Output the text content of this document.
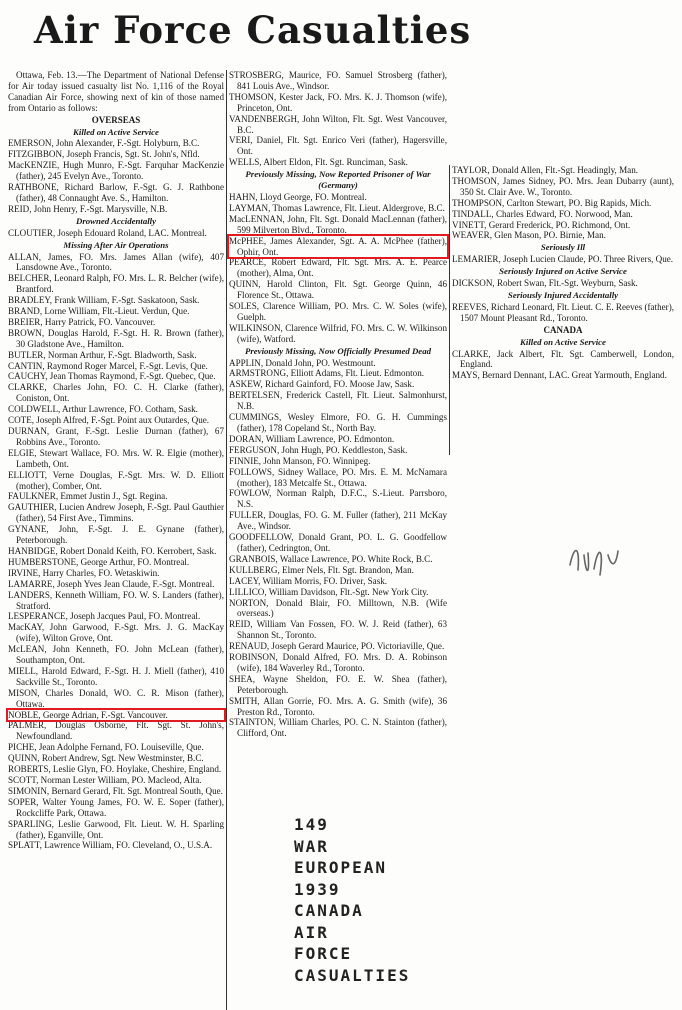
Air Force Casualties

Ottawa, Feb. 13.—The Department of National Defense for Air today issued casualty list No. 1,116 of the Royal Canadian Air Force, showing next of kin of those named from Ontario as follows:

OVERSEAS

Killed on Active Service

EMERSON, John Alexander, F.-Sgt. Holyburn, B.C.

FITZGIBBON, Joseph Francis, Sgt. St. John's, Nfld.

MacKENZIE, Hugh Munro, F.-Sgt. Farquhar MacKenzie (father), 245 Evelyn Ave., Toronto.

RATHBONE, Richard Barlow, F.-Sgt. G. J. Rathbone (father), 48 Connaught Ave. S., Hamilton.

REID, John Henry, F.-Sgt. Marysville, N.B.

Drowned Accidentally

CLOUTIER, Joseph Edouard Roland, LAC. Montreal.

Missing After Air Operations

ALLAN, James, FO. Mrs. James Allan (wife), 407 Lansdowne Ave., Toronto.

BELCHER, Leonard Ralph, FO. Mrs. L. R. Belcher (wife), Brantford.

BRADLEY, Frank William, F.-Sgt. Saskatoon, Sask.

BRAND, Lorne William, Flt.-Lieut. Verdun, Que.

BREIER, Harry Patrick, FO. Vancouver.

BROWN, Douglas Harold, F.-Sgt. H. R. Brown (father), 30 Gladstone Ave., Hamilton.

BUTLER, Norman Arthur, F.-Sgt. Bladworth, Sask.

CANTIN, Raymond Roger Marcel, F.-Sgt. Levis, Que.

CAUCHY, Jean Thomas Raymond, F.-Sgt. Quebec, Que.

CLARKE, Charles John, FO. C. H. Clarke (father), Coniston, Ont.

COLDWELL, Arthur Lawrence, FO. Cotham, Sask.

COTE, Joseph Alfred, F.-Sgt. Point aux Outardes, Que.

DURNAN, Grant, F.-Sgt. Leslie Durnan (father), 67 Robbins Ave., Toronto.

ELGIE, Stewart Wallace, FO. Mrs. W. R. Elgie (mother), Lambeth, Ont.

ELLIOTT, Verne Douglas, F.-Sgt. Mrs. W. D. Elliott (mother), Comber, Ont.

FAULKNER, Emmet Justin J., Sgt. Regina.

GAUTHIER, Lucien Andrew Joseph, F.-Sgt. Paul Gauthier (father), 54 First Ave., Timmins.

GYNANE, John, F.-Sgt. J. E. Gynane (father), Peterborough.

HANBIDGE, Robert Donald Keith, FO. Kerrobert, Sask.

HUMBERSTONE, George Arthur, FO. Montreal.

IRVINE, Harry Charles, FO. Wetaskiwin.

LAMARRE, Joseph Yves Jean Claude, F.-Sgt. Montreal.

LANDERS, Kenneth William, FO. W. S. Landers (father), Stratford.

LESPERANCE, Joseph Jacques Paul, FO. Montreal.

MacKAY, John Garwood, F.-Sgt. Mrs. J. G. MacKay (wife), Wilton Grove, Ont.

McLEAN, John Kenneth, FO. John McLean (father), Southampton, Ont.

MIELL, Harold Edward, F.-Sgt. H. J. Miell (father), 410 Sackville St., Toronto.

MISON, Charles Donald, WO. C. R. Mison (father), Ottawa.

NOBLE, George Adrian, F.-Sgt. Vancouver.

PALMER, Douglas Osborne, Flt. Sgt. St. John's, Newfoundland.

PICHE, Jean Adolphe Fernand, FO. Louiseville, Que.

QUINN, Robert Andrew, Sgt. New Westminster, B.C.

ROBERTS, Leslie Glyn, FO. Hoylake, Cheshire, England.

SCOTT, Norman Lester William, PO. Macleod, Alta.

SIMONIN, Bernard Gerard, Flt. Sgt. Montreal South, Que.

SOPER, Walter Young James, FO. W. E. Soper (father), Rockcliffe Park, Ottawa.

SPARLING, Leslie Garwood, Flt. Lieut. W. H. Sparling (father), Eganville, Ont.

SPLATT, Lawrence William, FO. Cleveland, O., U.S.A.

STROSBERG, Maurice, FO. Samuel Strosberg (father), 841 Louis Ave., Windsor.

THOMSON, Kester Jack, FO. Mrs. K. J. Thomson (wife), Princeton, Ont.

VANDENBERGH, John Wilton, Flt. Sgt. West Vancouver, B.C.

VERI, Daniel, Flt. Sgt. Enrico Veri (father), Hagersville, Ont.

WELLS, Albert Eldon, Flt. Sgt. Runciman, Sask.

Previously Missing, Now Reported Prisoner of War (Germany)

HAHN, Lloyd George, FO. Montreal.

LAYMAN, Thomas Lawrence, Flt. Lieut. Aldergrove, B.C.

MacLENNAN, John, Flt. Sgt. Donald MacLennan (father), 599 Milverton Blvd., Toronto.

McPHEE, James Alexander, Sgt. A. A. McPhee (father), Ophir, Ont.

PEARCE, Robert Edward, Flt. Sgt. Mrs. A. E. Pearce (mother), Alma, Ont.

QUINN, Harold Clinton, Flt. Sgt. George Quinn, 46 Florence St., Ottawa.

SOLES, Clarence William, PO. Mrs. C. W. Soles (wife), Guelph.

WILKINSON, Clarence Wilfrid, FO. Mrs. C. W. Wilkinson (wife), Watford.

Previously Missing, Now Officially Presumed Dead

APPLIN, Donald John, PO. Westmount.

ARMSTRONG, Elliott Adams, Flt. Lieut. Edmonton.

ASKEW, Richard Gainford, FO. Moose Jaw, Sask.

BERTELSEN, Frederick Castell, Flt. Lieut. Salmonhurst, N.B.

CUMMINGS, Wesley Elmore, FO. G. H. Cummings (father), 178 Copeland St., North Bay.

DORAN, William Lawrence, PO. Edmonton.

FERGUSON, John Hugh, PO. Keddleston, Sask.

FINNIE, John Manson, FO. Winnipeg.

FOLLOWS, Sidney Wallace, PO. Mrs. E. M. McNamara (mother), 183 Metcalfe St., Ottawa.

FOWLOW, Norman Ralph, D.F.C., S.-Lieut. Parrsboro, N.S.

FULLER, Douglas, FO. G. M. Fuller (father), 211 McKay Ave., Windsor.

GOODFELLOW, Donald Grant, PO. L. G. Goodfellow (father), Cedrington, Ont.

GRANBOIS, Wallace Lawrence, PO. White Rock, B.C.

KULLBERG, Elmer Nels, Flt. Sgt. Brandon, Man.

LACEY, William Morris, FO. Driver, Sask.

LILLICO, William Davidson, Flt.-Sgt. New York City.

NORTON, Donald Blair, FO. Milltown, N.B. (Wife overseas.)

REID, William Van Fossen, FO. W. J. Reid (father), 63 Shannon St., Toronto.

RENAUD, Joseph Gerard Maurice, PO. Victoriaville, Que.

ROBINSON, Donald Alfred, FO. Mrs. D. A. Robinson (wife), 184 Waverley Rd., Toronto.

SHEA, Wayne Sheldon, FO. E. W. Shea (father), Peterborough.

SMITH, Allan Gorrie, FO. Mrs. A. G. Smith (wife), 36 Preston Rd., Toronto.

STAINTON, William Charles, PO. C. N. Stainton (father), Clifford, Ont.

TAYLOR, Donald Allen, Flt.-Sgt. Headingly, Man.

THOMSON, James Sidney, PO. Mrs. Jean Dubarry (aunt), 350 St. Clair Ave. W., Toronto.

THOMPSON, Carlton Stewart, PO. Big Rapids, Mich.

TINDALL, Charles Edward, FO. Norwood, Man.

VINETT, Gerard Frederick, PO. Richmond, Ont.

WEAVER, Glen Mason, PO. Birnie, Man.

Seriously Ill

LEMARIER, Joseph Lucien Claude, PO. Three Rivers, Que.

Seriously Injured on Active Service

DICKSON, Robert Swan, Flt.-Sgt. Weyburn, Sask.

Seriously Injured Accidentally

REEVES, Richard Leonard, Flt. Lieut. C. E. Reeves (father), 1507 Mount Pleasant Rd., Toronto.

CANADA

Killed on Active Service

CLARKE, Jack Albert, Flt. Sgt. Camberwell, London, England.

MAYS, Bernard Dennant, LAC. Great Yarmouth, England.

149
WAR
EUROPEAN
1939
CANADA
AIR
FORCE
CASUALTIES
